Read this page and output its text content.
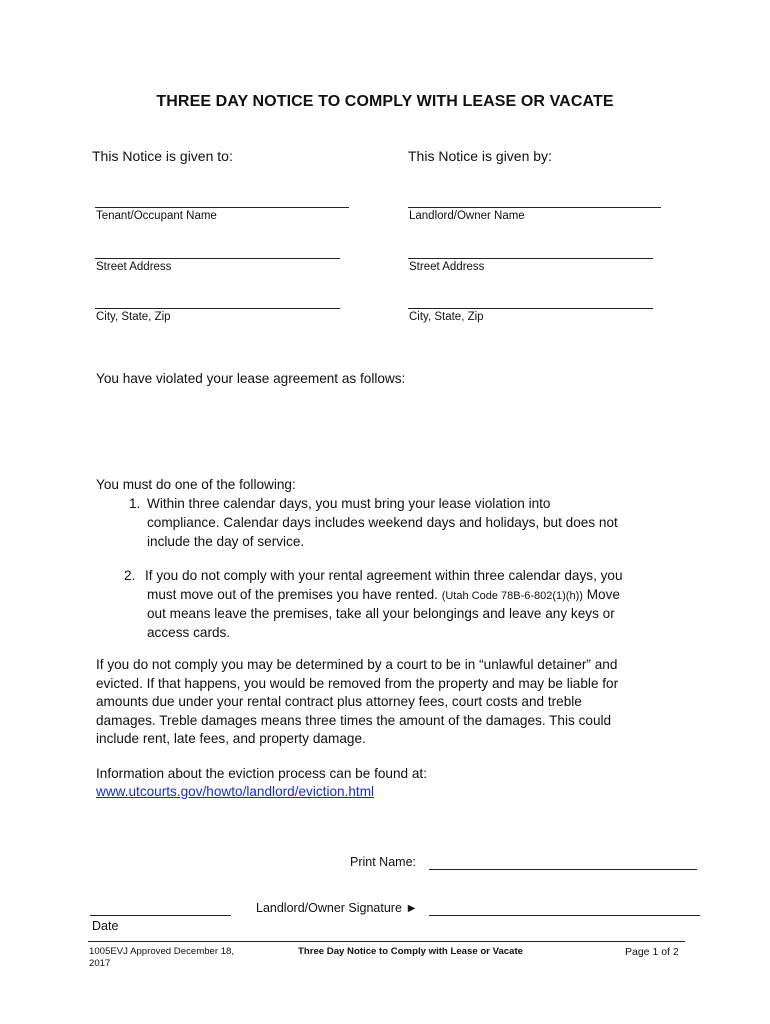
THREE DAY NOTICE TO COMPLY WITH LEASE OR VACATE
This Notice is given to:	This Notice is given by:
Tenant/Occupant Name
Street Address
City, State, Zip
Landlord/Owner Name
Street Address
City, State, Zip
You have violated your lease agreement as follows:
You must do one of the following:
1. Within three calendar days, you must bring your lease violation into
compliance. Calendar days includes weekend days and holidays, but does not
include the day of service.
2. If you do not comply with your rental agreement within three calendar days, you
must move out of the premises you have rented. (Utah Code 78B-6-802(1)(h)) Move
out means leave the premises, take all your belongings and leave any keys or
access cards.
If you do not comply you may be determined by a court to be in “unlawful detainer” and
evicted. If that happens, you would be removed from the property and may be liable for
amounts due under your rental contract plus attorney fees, court costs and treble
damages. Treble damages means three times the amount of the damages. This could
include rent, late fees, and property damage.
Information about the eviction process can be found at:
www.utcourts.gov/howto/landlord/eviction.html
Print Name:
Landlord/Owner Signature ►
Date
1005EVJ Approved December 18,
2017
Three Day Notice to Comply with Lease or Vacate	Page 1 of 2
